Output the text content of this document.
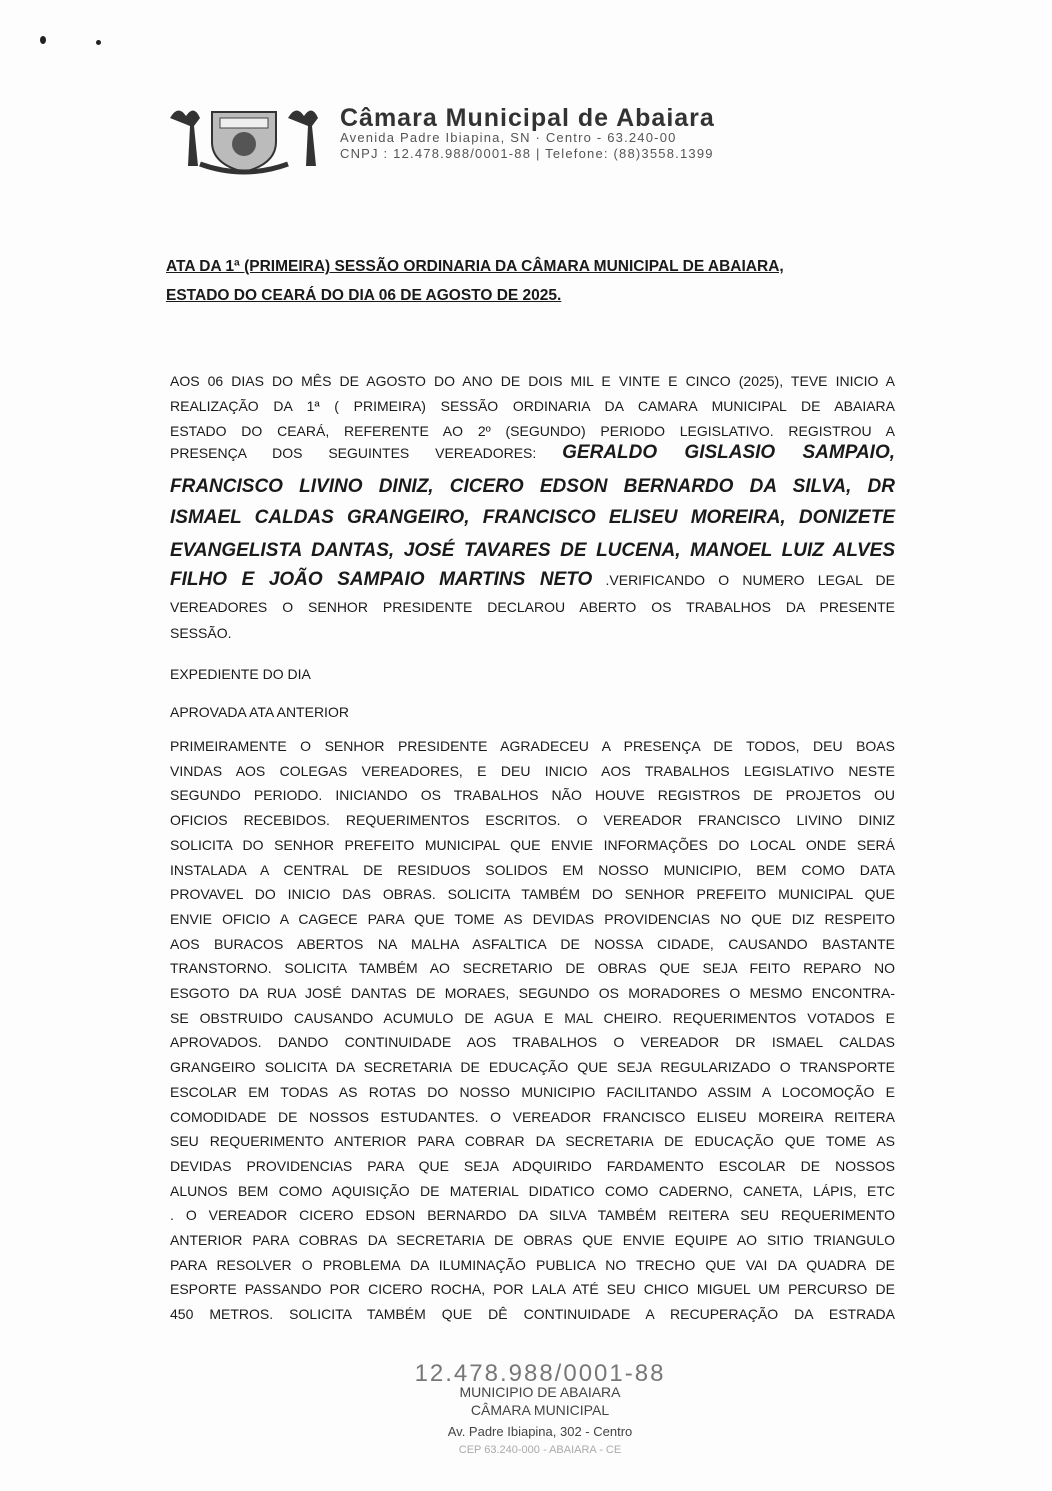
Câmara Municipal de Abaiara
Avenida Padre Ibiapina, SN · Centro - 63.240-00
CNPJ : 12.478.988/0001-88 | Telefone: (88)3558.1399
ATA DA 1ª (PRIMEIRA) SESSÃO ORDINARIA DA CÂMARA MUNICIPAL DE ABAIARA,
ESTADO DO CEARÁ DO DIA 06 DE AGOSTO DE 2025.
AOS 06 DIAS DO MÊS DE AGOSTO DO ANO DE DOIS MIL E VINTE E CINCO (2025), TEVE INICIO A
REALIZAÇÃO DA 1ª ( PRIMEIRA) SESSÃO ORDINARIA DA CAMARA MUNICIPAL DE ABAIARA
ESTADO DO CEARÁ, REFERENTE AO 2º (SEGUNDO) PERIODO LEGISLATIVO. REGISTROU A
PRESENÇA DOS SEGUINTES VEREADORES: GERALDO GISLASIO SAMPAIO,
FRANCISCO LIVINO DINIZ, CICERO EDSON BERNARDO DA SILVA, DR
ISMAEL CALDAS GRANGEIRO, FRANCISCO ELISEU MOREIRA, DONIZETE
EVANGELISTA DANTAS, JOSÉ TAVARES DE LUCENA, MANOEL LUIZ ALVES
FILHO E JOÃO SAMPAIO MARTINS NETO .VERIFICANDO O NUMERO LEGAL DE
VEREADORES O SENHOR PRESIDENTE DECLAROU ABERTO OS TRABALHOS DA PRESENTE
SESSÃO.
EXPEDIENTE DO DIA
APROVADA ATA ANTERIOR
PRIMEIRAMENTE O SENHOR PRESIDENTE AGRADECEU A PRESENÇA DE TODOS, DEU BOAS
VINDAS AOS COLEGAS VEREADORES, E DEU INICIO AOS TRABALHOS LEGISLATIVO NESTE
SEGUNDO PERIODO. INICIANDO OS TRABALHOS NÃO HOUVE REGISTROS DE PROJETOS OU
OFICIOS RECEBIDOS. REQUERIMENTOS ESCRITOS. O VEREADOR FRANCISCO LIVINO DINIZ
SOLICITA DO SENHOR PREFEITO MUNICIPAL QUE ENVIE INFORMAÇÕES DO LOCAL ONDE SERÁ
INSTALADA A CENTRAL DE RESIDUOS SOLIDOS EM NOSSO MUNICIPIO, BEM COMO DATA
PROVAVEL DO INICIO DAS OBRAS. SOLICITA TAMBÉM DO SENHOR PREFEITO MUNICIPAL QUE
ENVIE OFICIO A CAGECE PARA QUE TOME AS DEVIDAS PROVIDENCIAS NO QUE DIZ RESPEITO
AOS BURACOS ABERTOS NA MALHA ASFALTICA DE NOSSA CIDADE, CAUSANDO BASTANTE
TRANSTORNO. SOLICITA TAMBÉM AO SECRETARIO DE OBRAS QUE SEJA FEITO REPARO NO
ESGOTO DA RUA JOSÉ DANTAS DE MORAES, SEGUNDO OS MORADORES O MESMO ENCONTRA-
SE OBSTRUIDO CAUSANDO ACUMULO DE AGUA E MAL CHEIRO. REQUERIMENTOS VOTADOS E
APROVADOS. DANDO CONTINUIDADE AOS TRABALHOS O VEREADOR DR ISMAEL CALDAS
GRANGEIRO SOLICITA DA SECRETARIA DE EDUCAÇÃO QUE SEJA REGULARIZADO O TRANSPORTE
ESCOLAR EM TODAS AS ROTAS DO NOSSO MUNICIPIO FACILITANDO ASSIM A LOCOMOÇÃO E
COMODIDADE DE NOSSOS ESTUDANTES. O VEREADOR FRANCISCO ELISEU MOREIRA REITERA
SEU REQUERIMENTO ANTERIOR PARA COBRAR DA SECRETARIA DE EDUCAÇÃO QUE TOME AS
DEVIDAS PROVIDENCIAS PARA QUE SEJA ADQUIRIDO FARDAMENTO ESCOLAR DE NOSSOS
ALUNOS BEM COMO AQUISIÇÃO DE MATERIAL DIDATICO COMO CADERNO, CANETA, LÁPIS, ETC
. O VEREADOR CICERO EDSON BERNARDO DA SILVA TAMBÉM REITERA SEU REQUERIMENTO
ANTERIOR PARA COBRAS DA SECRETARIA DE OBRAS QUE ENVIE EQUIPE AO SITIO TRIANGULO
PARA RESOLVER O PROBLEMA DA ILUMINAÇÃO PUBLICA NO TRECHO QUE VAI DA QUADRA DE
ESPORTE PASSANDO POR CICERO ROCHA, POR LALA ATÉ SEU CHICO MIGUEL UM PERCURSO DE
450 METROS. SOLICITA TAMBÉM QUE DÊ CONTINUIDADE A RECUPERAÇÃO DA ESTRADA
12.478.988/0001-88
MUNICIPIO DE ABAIARA
CÂMARA MUNICIPAL
Av. Padre Ibiapina, 302 - Centro
CEP 63.240-000 - ABAIARA - CE
